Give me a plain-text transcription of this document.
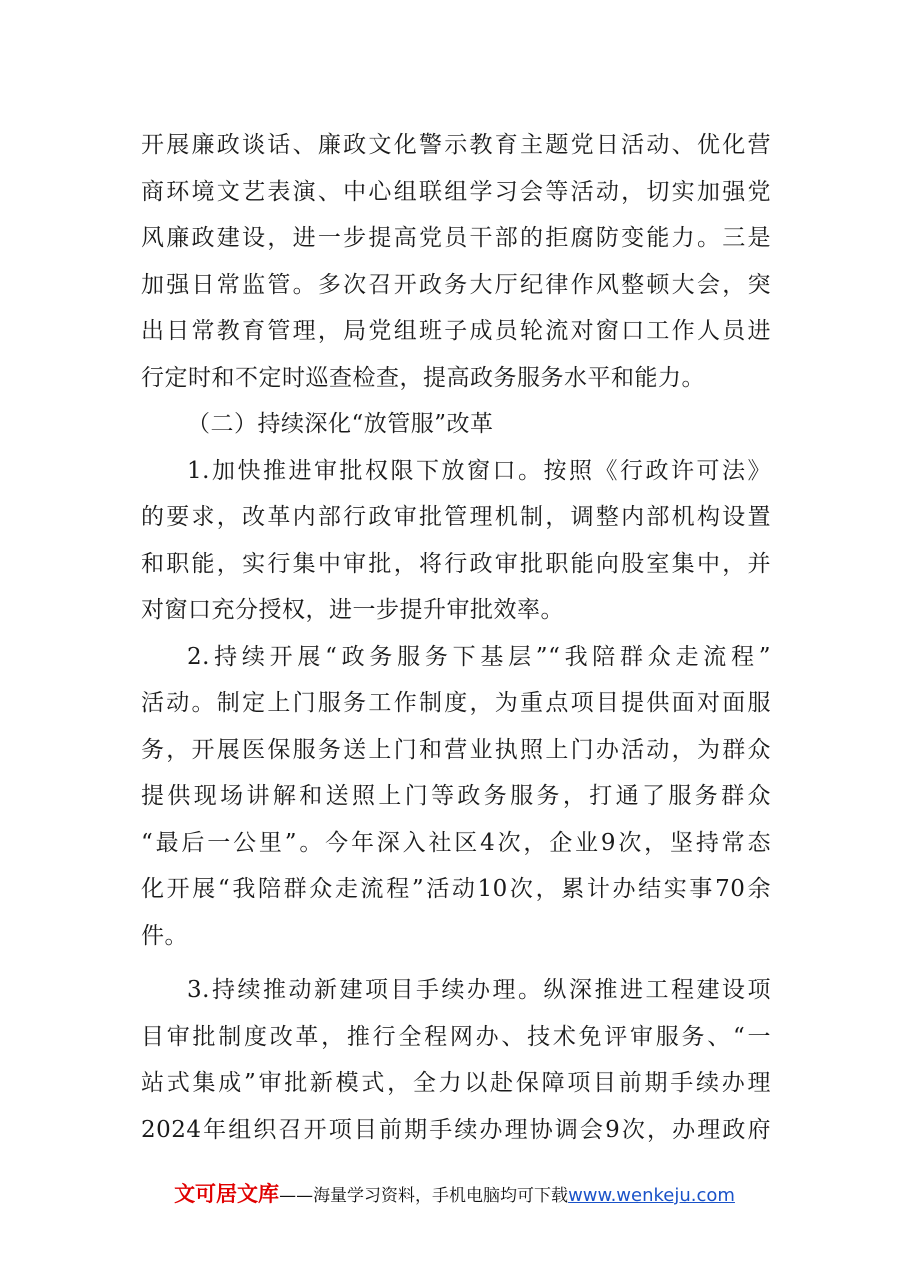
开展廉政谈话、廉政文化警示教育主题党日活动、优化营
商环境文艺表演、中心组联组学习会等活动，切实加强党
风廉政建设，进一步提高党员干部的拒腐防变能力。三是
加强日常监管。多次召开政务大厅纪律作风整顿大会，突
出日常教育管理，局党组班子成员轮流对窗口工作人员进
行定时和不定时巡查检查，提高政务服务水平和能力。
（二）持续深化“放管服”改革
1.加快推进审批权限下放窗口。按照《行政许可法》
的要求，改革内部行政审批管理机制，调整内部机构设置
和职能，实行集中审批，将行政审批职能向股室集中，并
对窗口充分授权，进一步提升审批效率。
2.持续开展“政务服务下基层”“我陪群众走流程”
活动。制定上门服务工作制度，为重点项目提供面对面服
务，开展医保服务送上门和营业执照上门办活动，为群众
提供现场讲解和送照上门等政务服务，打通了服务群众
“最后一公里”。今年深入社区4次，企业9次，坚持常态
化开展“我陪群众走流程”活动10次，累计办结实事70余
件。
3.持续推动新建项目手续办理。纵深推进工程建设项
目审批制度改革，推行全程网办、技术免评审服务、“一
站式集成”审批新模式，全力以赴保障项目前期手续办理
2024年组织召开项目前期手续办理协调会9次，办理政府
文可居文库——海量学习资料，手机电脑均可下载www.wenkeju.com
